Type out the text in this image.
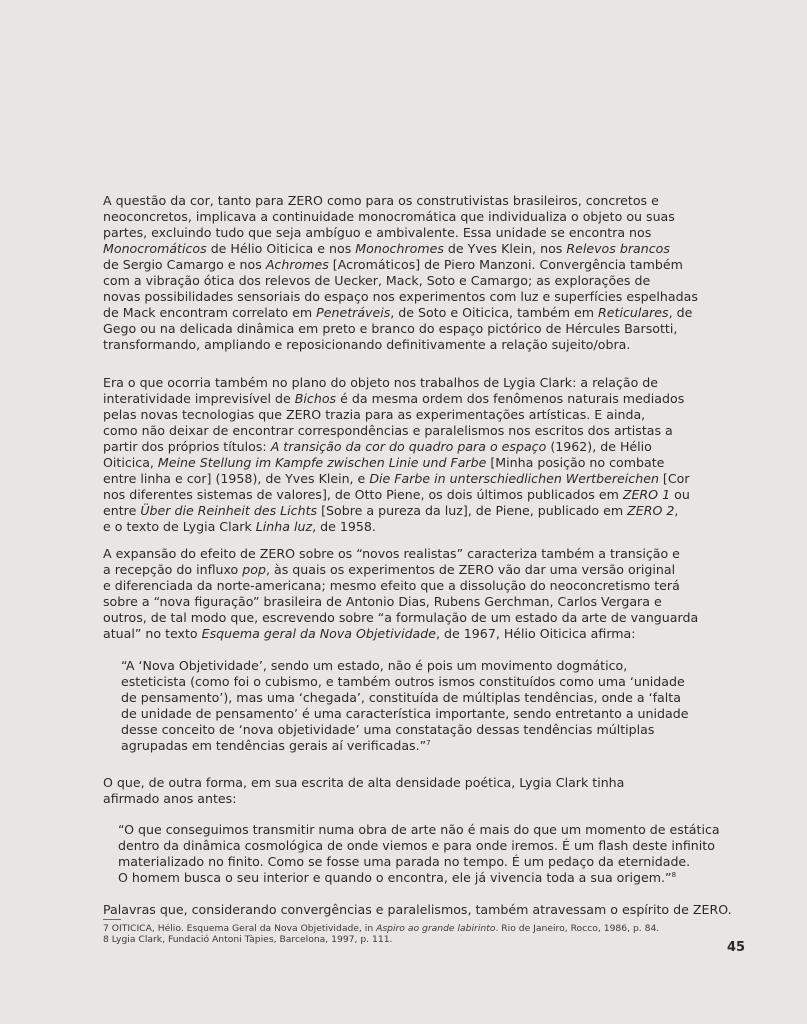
A questão da cor, tanto para ZERO como para os construtivistas brasileiros, concretos e
neoconcretos, implicava a continuidade monocromática que individualiza o objeto ou suas
partes, excluindo tudo que seja ambíguo e ambivalente. Essa unidade se encontra nos
Monocromáticos de Hélio Oiticica e nos Monochromes de Yves Klein, nos Relevos brancos
de Sergio Camargo e nos Achromes [Acromáticos] de Piero Manzoni. Convergência também
com a vibração ótica dos relevos de Uecker, Mack, Soto e Camargo; as explorações de
novas possibilidades sensoriais do espaço nos experimentos com luz e superfícies espelhadas
de Mack encontram correlato em Penetráveis, de Soto e Oiticica, também em Reticulares, de
Gego ou na delicada dinâmica em preto e branco do espaço pictórico de Hércules Barsotti,
transformando, ampliando e reposicionando definitivamente a relação sujeito/obra.
Era o que ocorria também no plano do objeto nos trabalhos de Lygia Clark: a relação de
interatividade imprevisível de Bichos é da mesma ordem dos fenômenos naturais mediados
pelas novas tecnologias que ZERO trazia para as experimentações artísticas. E ainda,
como não deixar de encontrar correspondências e paralelismos nos escritos dos artistas a
partir dos próprios títulos: A transição da cor do quadro para o espaço (1962), de Hélio
Oiticica, Meine Stellung im Kampfe zwischen Linie und Farbe [Minha posição no combate
entre linha e cor] (1958), de Yves Klein, e Die Farbe in unterschiedlichen Wertbereichen [Cor
nos diferentes sistemas de valores], de Otto Piene, os dois últimos publicados em ZERO 1 ou
entre Über die Reinheit des Lichts [Sobre a pureza da luz], de Piene, publicado em ZERO 2,
e o texto de Lygia Clark Linha luz, de 1958.
A expansão do efeito de ZERO sobre os “novos realistas” caracteriza também a transição e
a recepção do influxo pop, às quais os experimentos de ZERO vão dar uma versão original
e diferenciada da norte-americana; mesmo efeito que a dissolução do neoconcretismo terá
sobre a “nova figuração” brasileira de Antonio Dias, Rubens Gerchman, Carlos Vergara e
outros, de tal modo que, escrevendo sobre “a formulação de um estado da arte de vanguarda
atual” no texto Esquema geral da Nova Objetividade, de 1967, Hélio Oiticica afirma:
“A ‘Nova Objetividade’, sendo um estado, não é pois um movimento dogmático,
esteticista (como foi o cubismo, e também outros ismos constituídos como uma ‘unidade
de pensamento’), mas uma ‘chegada’, constituída de múltiplas tendências, onde a ‘falta
de unidade de pensamento’ é uma característica importante, sendo entretanto a unidade
desse conceito de ‘nova objetividade’ uma constatação dessas tendências múltiplas
agrupadas em tendências gerais aí verificadas.”$^7$
O que, de outra forma, em sua escrita de alta densidade poética, Lygia Clark tinha
afirmado anos antes:
“O que conseguimos transmitir numa obra de arte não é mais do que um momento de estática
dentro da dinâmica cosmológica de onde viemos e para onde iremos. É um flash deste infinito
materializado no finito. Como se fosse uma parada no tempo. É um pedaço da eternidade.
O homem busca o seu interior e quando o encontra, ele já vivencia toda a sua origem.”$^8$
Palavras que, considerando convergências e paralelismos, também atravessam o espírito de ZERO.
7 OITICICA, Hélio. Esquema Geral da Nova Objetividade, in Aspiro ao grande labirinto. Rio de Janeiro, Rocco, 1986, p. 84.
8 Lygia Clark, Fundació Antoni Tàpies, Barcelona, 1997, p. 111.
45
